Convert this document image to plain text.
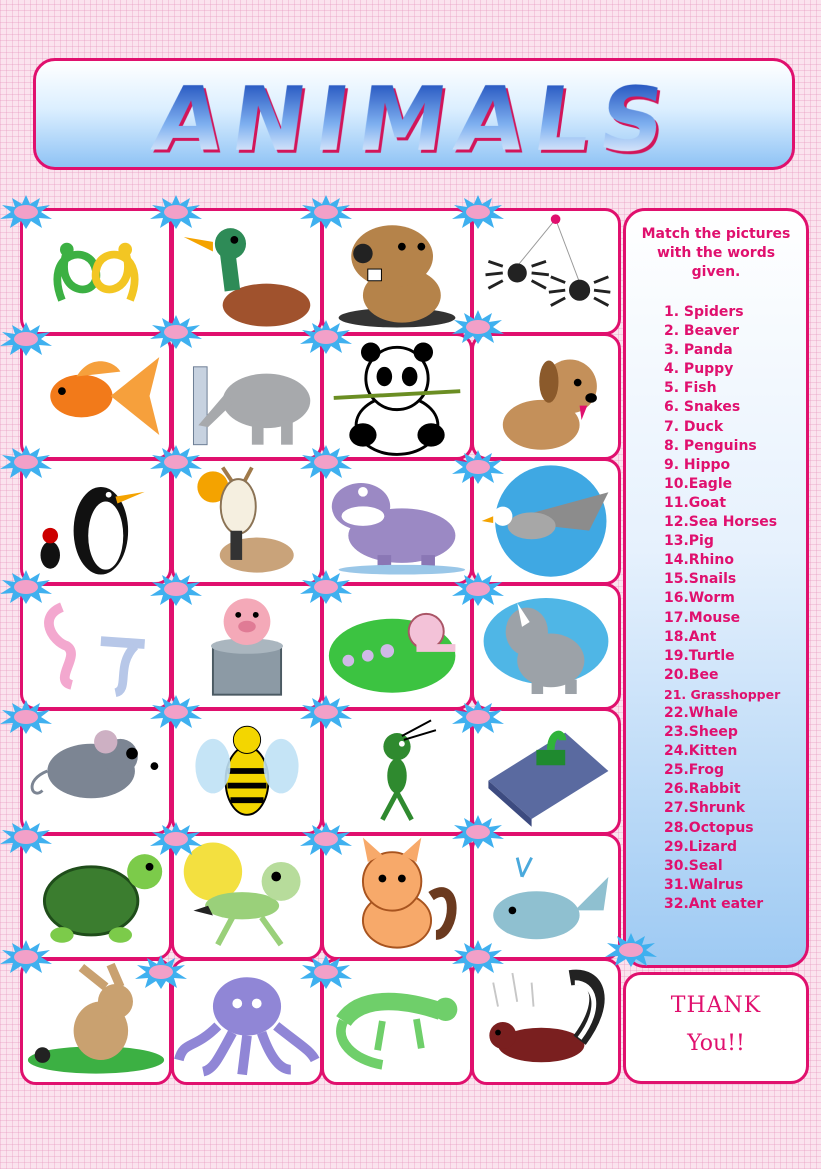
ANIMALS
Match the pictures with the words given.
1. Spiders
2. Beaver
3. Panda
4. Puppy
5. Fish
6. Snakes
7. Duck
8. Penguins
9. Hippo
10.Eagle
11.Goat
12.Sea Horses
13.Pig
14.Rhino
15.Snails
16.Worm
17.Mouse
18.Ant
19.Turtle
20.Bee
21. Grasshopper
22.Whale
23.Sheep
24.Kitten
25.Frog
26.Rabbit
27.Shrunk
28.Octopus
29.Lizard
30.Seal
31.Walrus
32.Ant eater
THANK
You!!
